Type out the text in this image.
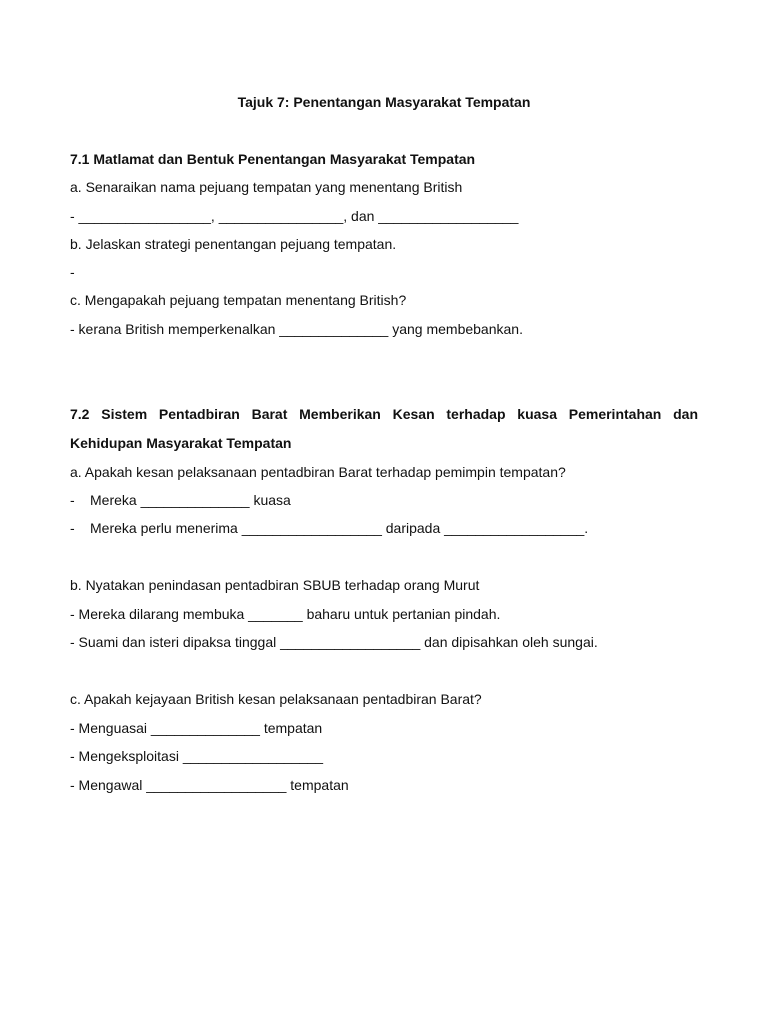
Tajuk 7: Penentangan Masyarakat Tempatan
7.1 Matlamat dan Bentuk Penentangan Masyarakat Tempatan
a. Senaraikan nama pejuang tempatan yang menentang British
- _________________, ________________, dan __________________
b. Jelaskan strategi penentangan pejuang tempatan.
-
c. Mengapakah pejuang tempatan menentang British?
- kerana British memperkenalkan ______________ yang membebankan.
7.2 Sistem Pentadbiran Barat Memberikan Kesan terhadap kuasa Pemerintahan dan
Kehidupan Masyarakat Tempatan
a. Apakah kesan pelaksanaan pentadbiran Barat terhadap pemimpin tempatan?
- Mereka ______________ kuasa
- Mereka perlu menerima __________________ daripada __________________.
b. Nyatakan penindasan pentadbiran SBUB terhadap orang Murut
- Mereka dilarang membuka _______ baharu untuk pertanian pindah.
- Suami dan isteri dipaksa tinggal __________________ dan dipisahkan oleh sungai.
c. Apakah kejayaan British kesan pelaksanaan pentadbiran Barat?
- Menguasai ______________ tempatan
- Mengeksploitasi __________________
- Mengawal __________________ tempatan
